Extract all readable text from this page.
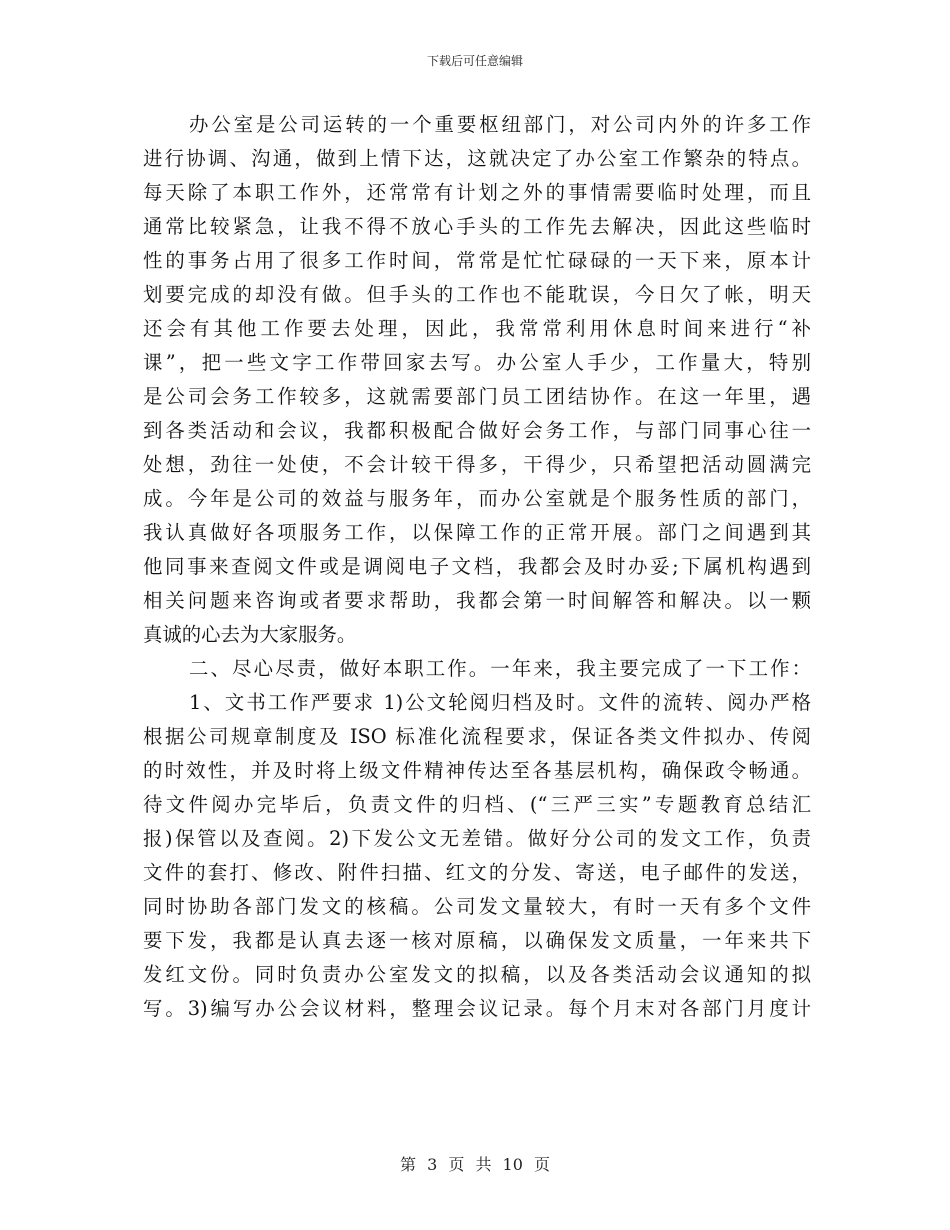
下载后可任意编辑
办公室是公司运转的一个重要枢纽部门，对公司内外的许多工作
进行协调、沟通，做到上情下达，这就决定了办公室工作繁杂的特点。
每天除了本职工作外，还常常有计划之外的事情需要临时处理，而且
通常比较紧急，让我不得不放心手头的工作先去解决，因此这些临时
性的事务占用了很多工作时间，常常是忙忙碌碌的一天下来，原本计
划要完成的却没有做。但手头的工作也不能耽误，今日欠了帐，明天
还会有其他工作要去处理，因此，我常常利用休息时间来进行“补
课”，把一些文字工作带回家去写。办公室人手少，工作量大，特别
是公司会务工作较多，这就需要部门员工团结协作。在这一年里，遇
到各类活动和会议，我都积极配合做好会务工作，与部门同事心往一
处想，劲往一处使，不会计较干得多，干得少，只希望把活动圆满完
成。今年是公司的效益与服务年，而办公室就是个服务性质的部门，
我认真做好各项服务工作，以保障工作的正常开展。部门之间遇到其
他同事来查阅文件或是调阅电子文档，我都会及时办妥;下属机构遇到
相关问题来咨询或者要求帮助，我都会第一时间解答和解决。以一颗
真诚的心去为大家服务。
二、尽心尽责，做好本职工作。一年来，我主要完成了一下工作：
1、文书工作严要求 1)公文轮阅归档及时。文件的流转、阅办严格
根据公司规章制度及 ISO 标准化流程要求，保证各类文件拟办、传阅
的时效性，并及时将上级文件精神传达至各基层机构，确保政令畅通。
待文件阅办完毕后，负责文件的归档、(“三严三实”专题教育总结汇
报)保管以及查阅。2)下发公文无差错。做好分公司的发文工作，负责
文件的套打、修改、附件扫描、红文的分发、寄送，电子邮件的发送，
同时协助各部门发文的核稿。公司发文量较大，有时一天有多个文件
要下发，我都是认真去逐一核对原稿，以确保发文质量，一年来共下
发红文份。同时负责办公室发文的拟稿，以及各类活动会议通知的拟
写。3)编写办公会议材料，整理会议记录。每个月末对各部门月度计
第 3 页 共 10 页
